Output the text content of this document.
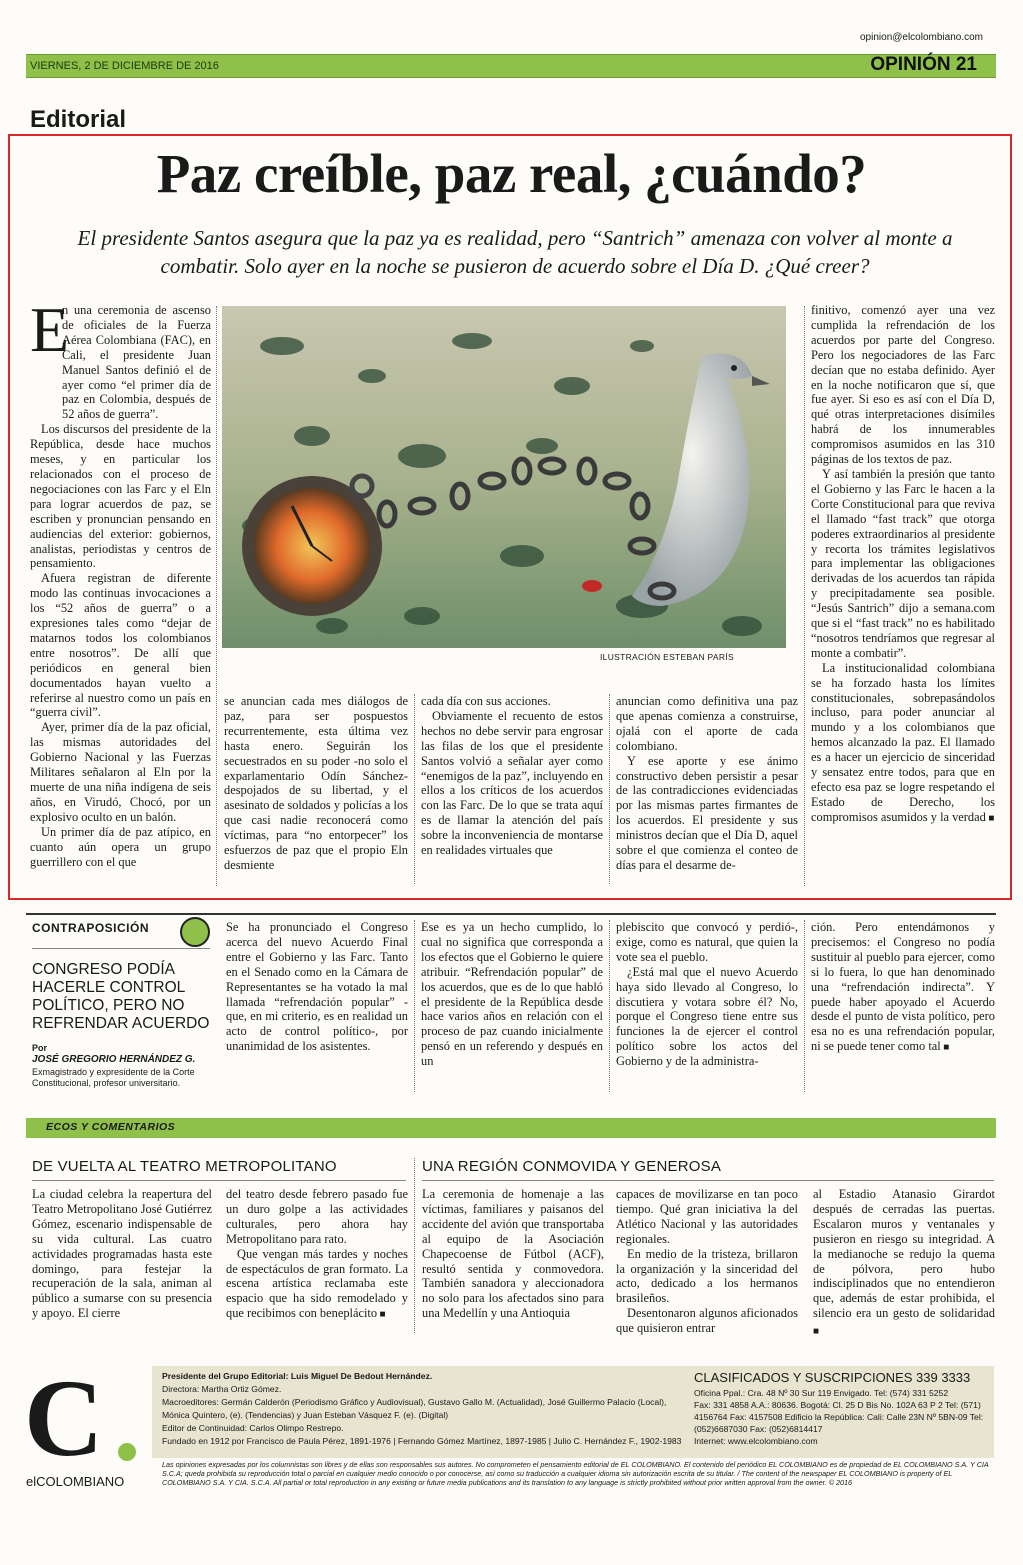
opinion@elcolombiano.com
VIERNES, 2 DE DICIEMBRE DE 2016	OPINIÓN 21
Editorial
Paz creíble, paz real, ¿cuándo?
El presidente Santos asegura que la paz ya es realidad, pero “Santrich” amenaza con volver al monte a combatir. Solo ayer en la noche se pusieron de acuerdo sobre el Día D. ¿Qué creer?
ILUSTRACIÓN ESTEBAN PARÍS
E

n una ceremonia de ascenso de oficiales de la Fuerza Aérea Colombiana (FAC), en Cali, el presidente Juan Manuel Santos definió el de ayer como “el primer día de paz en Colombia, después de 52 años de guerra”.

Los discursos del presidente de la República, desde hace muchos meses, y en particular los relacionados con el proceso de negociaciones con las Farc y el Eln para lograr acuerdos de paz, se escriben y pronuncian pensando en audiencias del exterior: gobiernos, analistas, periodistas y centros de pensamiento.

Afuera registran de diferente modo las continuas invocaciones a los “52 años de guerra” o a expresiones tales como “dejar de matarnos todos los colombianos entre nosotros”. De allí que periódicos en general bien documentados hayan vuelto a referirse al nuestro como un país en “guerra civil”.

Ayer, primer día de la paz oficial, las mismas autoridades del Gobierno Nacional y las Fuerzas Militares señalaron al Eln por la muerte de una niña indígena de seis años, en Virudó, Chocó, por un explosivo oculto en un balón.

Un primer día de paz atípico, en cuanto aún opera un grupo guerrillero con el que

se anuncian cada mes diálogos de paz, para ser pospuestos recurrentemente, esta última vez hasta enero. Seguirán los secuestrados en su poder -no solo el exparlamentario Odín Sánchez- despojados de su libertad, y el asesinato de soldados y policías a los que casi nadie reconocerá como víctimas, para “no entorpecer” los esfuerzos de paz que el propio Eln desmiente

cada día con sus acciones.

Obviamente el recuento de estos hechos no debe servir para engrosar las filas de los que el presidente Santos volvió a señalar ayer como “enemigos de la paz”, incluyendo en ellos a los críticos de los acuerdos con las Farc. De lo que se trata aquí es de llamar la atención del país sobre la inconveniencia de montarse en realidades virtuales que

anuncian como definitiva una paz que apenas comienza a construirse, ojalá con el aporte de cada colombiano.

Y ese aporte y ese ánimo constructivo deben persistir a pesar de las contradicciones evidenciadas por las mismas partes firmantes de los acuerdos. El presidente y sus ministros decían que el Día D, aquel sobre el que comienza el conteo de días para el desarme de-

finitivo, comenzó ayer una vez cumplida la refrendación de los acuerdos por parte del Congreso. Pero los negociadores de las Farc decían que no estaba definido. Ayer en la noche notificaron que sí, que fue ayer. Si eso es así con el Día D, qué otras interpretaciones disímiles habrá de los innumerables compromisos asumidos en las 310 páginas de los textos de paz.

Y así también la presión que tanto el Gobierno y las Farc le hacen a la Corte Constitucional para que reviva el llamado “fast track” que otorga poderes extraordinarios al presidente y recorta los trámites legislativos para implementar las obligaciones derivadas de los acuerdos tan rápida y precipitadamente sea posible. “Jesús Santrich” dijo a semana.com que si el “fast track” no es habilitado “nosotros tendríamos que regresar al monte a combatir”.

La institucionalidad colombiana se ha forzado hasta los límites constitucionales, sobrepasándolos incluso, para poder anunciar al mundo y a los colombianos que hemos alcanzado la paz. El llamado es a hacer un ejercicio de sinceridad y sensatez entre todos, para que en efecto esa paz se logre respetando el Estado de Derecho, los compromisos asumidos y la verdad ■

CONTRAPOSICIÓN
CONGRESO PODÍA HACERLE CONTROL POLÍTICO, PERO NO REFRENDAR ACUERDO
Por
JOSÉ GREGORIO HERNÁNDEZ G.
Exmagistrado y expresidente de la Corte Constitucional, profesor universitario.

Se ha pronunciado el Congreso acerca del nuevo Acuerdo Final entre el Gobierno y las Farc. Tanto en el Senado como en la Cámara de Representantes se ha votado la mal llamada “refrendación popular” -que, en mi criterio, es en realidad un acto de control político-, por unanimidad de los asistentes.

Ese es ya un hecho cumplido, lo cual no significa que corresponda a los efectos que el Gobierno le quiere atribuir. “Refrendación popular” de los acuerdos, que es de lo que habló el presidente de la República desde hace varios años en relación con el proceso de paz cuando inicialmente pensó en un referendo y después en un

plebiscito que convocó y perdió-, exige, como es natural, que quien la vote sea el pueblo.

¿Está mal que el nuevo Acuerdo haya sido llevado al Congreso, lo discutiera y votara sobre él? No, porque el Congreso tiene entre sus funciones la de ejercer el control político sobre los actos del Gobierno y de la administra-

ción. Pero entendámonos y precisemos: el Congreso no podía sustituir al pueblo para ejercer, como si lo fuera, lo que han denominado una “refrendación indirecta”. Y puede haber apoyado el Acuerdo desde el punto de vista político, pero esa no es una refrendación popular, ni se puede tener como tal ■

ECOS Y COMENTARIOS
DE VUELTA AL TEATRO METROPOLITANO	UNA REGIÓN CONMOVIDA Y GENEROSA

La ciudad celebra la reapertura del Teatro Metropolitano José Gutiérrez Gómez, escenario indispensable de su vida cultural. Las cuatro actividades programadas hasta este domingo, para festejar la recuperación de la sala, animan al público a sumarse con su presencia y apoyo. El cierre

del teatro desde febrero pasado fue un duro golpe a las actividades culturales, pero ahora hay Metropolitano para rato.

Que vengan más tardes y noches de espectáculos de gran formato. La escena artística reclamaba este espacio que ha sido remodelado y que recibimos con beneplácito ■

La ceremonia de homenaje a las víctimas, familiares y paisanos del accidente del avión que transportaba al equipo de la Asociación Chapecoense de Fútbol (ACF), resultó sentida y conmovedora. También sanadora y aleccionadora no solo para los afectados sino para una Medellín y una Antioquia

capaces de movilizarse en tan poco tiempo. Qué gran iniciativa la del Atlético Nacional y las autoridades regionales.

En medio de la tristeza, brillaron la organización y la sinceridad del acto, dedicado a los hermanos brasileños.

Desentonaron algunos aficionados que quisieron entrar

al Estadio Atanasio Girardot después de cerradas las puertas. Escalaron muros y ventanales y pusieron en riesgo su integridad. A la medianoche se redujo la quema de pólvora, pero hubo indisciplinados que no entendieron que, además de estar prohibida, el silencio era un gesto de solidaridad ■

C
elCOLOMBIANO
Presidente del Grupo Editorial: Luis Miguel De Bedout Hernández.
Directora: Martha Ortiz Gómez.
Macroeditores: Germán Calderón (Periodismo Gráfico y Audiovisual), Gustavo Gallo M. (Actualidad), José Guillermo Palacio (Local),
Mónica Quintero, (e). (Tendencias) y Juan Esteban Vásquez F. (e). (Digital)
Editor de Continuidad: Carlos Olimpo Restrepo.
Fundado en 1912 por Francisco de Paula Pérez, 1891-1976 | Fernando Gómez Martínez, 1897-1985 | Julio C. Hernández F., 1902-1983
CLASIFICADOS Y SUSCRIPCIONES 339 3333
Oficina Ppal.: Cra. 48 Nº 30 Sur 119 Envigado. Tel: (574) 331 5252
Fax: 331 4858 A.A.: 80636. Bogotá: Cl. 25 D Bis No. 102A 63 P 2 Tel: (571)
4156764 Fax: 4157508 Edificio la República: Cali: Calle 23N Nº 5BN-09 Tel:
(052)6687030 Fax: (052)6814417
Internet: www.elcolombiano.com
Las opiniones expresadas por los columnistas son libres y de ellas son responsables sus autores. No comprometen el pensamiento editorial de EL COLOMBIANO. El contenido del periódico EL COLOMBIANO es de propiedad de EL COLOMBIANO S.A. Y CIA S.C.A; queda prohibida su reproducción total o parcial en cualquier medio conocido o por conocerse, así como su traducción a cualquier idioma sin autorización escrita de su titular. / The content of the newspaper EL COLOMBIANO is property of EL COLOMBIANO S.A. Y CIA. S.C.A. All partial or total reproduction in any existing or future media publications and its translation to any language is strictly prohibited without prior written approval from the owner. © 2016
